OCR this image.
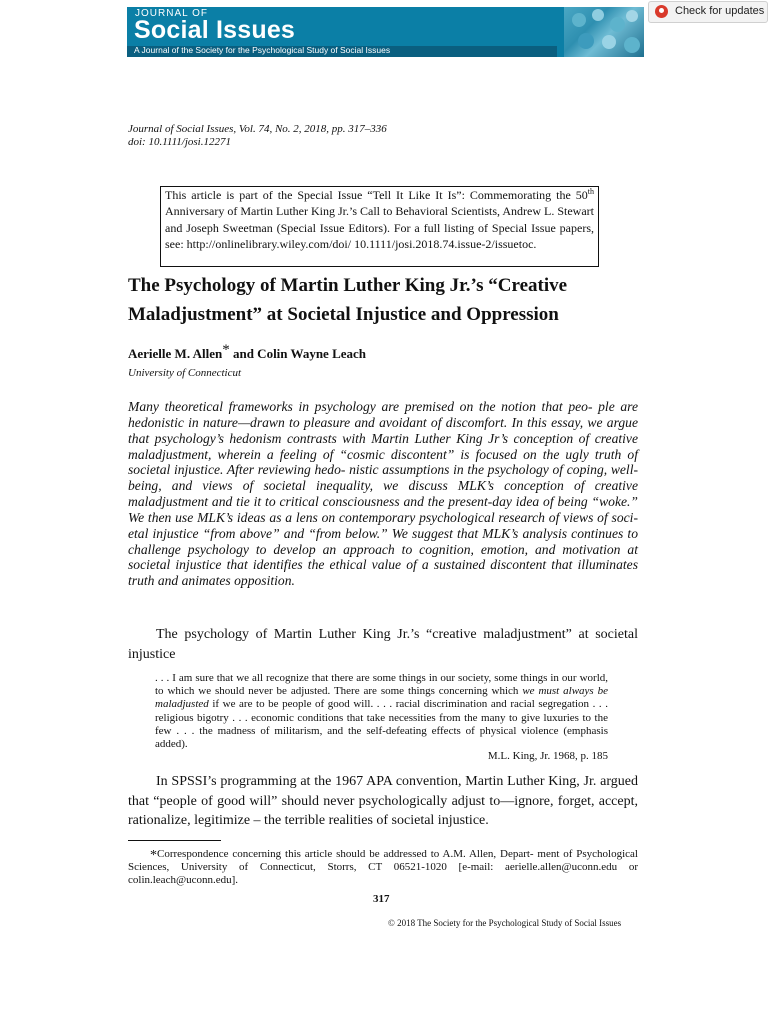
JOURNAL OF
Social Issues
A Journal of the Society for the Psychological Study of Social Issues
Check for updates
Journal of Social Issues, Vol. 74, No. 2, 2018, pp. 317–336
doi: 10.1111/josi.12271
This article is part of the Special Issue “Tell It Like It Is”: Commemorating the 50th Anniversary of Martin Luther King Jr.’s Call to Behavioral Scientists, Andrew L. Stewart and Joseph Sweetman (Special Issue Editors). For a full listing of Special Issue papers, see: http://onlinelibrary.wiley.com/doi/ 10.1111/josi.2018.74.issue-2/issuetoc.
The Psychology of Martin Luther King Jr.’s “Creative Maladjustment” at Societal Injustice and Oppression
Aerielle M. Allen* and Colin Wayne Leach
University of Connecticut
Many theoretical frameworks in psychology are premised on the notion that peo- ple are hedonistic in nature—drawn to pleasure and avoidant of discomfort. In this essay, we argue that psychology’s hedonism contrasts with Martin Luther King Jr’s conception of creative maladjustment, wherein a feeling of “cosmic discontent” is focused on the ugly truth of societal injustice. After reviewing hedo- nistic assumptions in the psychology of coping, well-being, and views of societal inequality, we discuss MLK’s conception of creative maladjustment and tie it to critical consciousness and the present-day idea of being “woke.” We then use MLK’s ideas as a lens on contemporary psychological research of views of soci- etal injustice “from above” and “from below.” We suggest that MLK’s analysis continues to challenge psychology to develop an approach to cognition, emotion, and motivation at societal injustice that identifies the ethical value of a sustained discontent that illuminates truth and animates opposition.
The psychology of Martin Luther King Jr.’s “creative maladjustment” at societal injustice
. . . I am sure that we all recognize that there are some things in our society, some things in our world, to which we should never be adjusted. There are some things concerning which we must always be maladjusted if we are to be people of good will. . . . racial discrimination and racial segregation . . . religious bigotry . . . economic conditions that take necessities from the many to give luxuries to the few . . . the madness of militarism, and the self-defeating effects of physical violence (emphasis added).
M.L. King, Jr. 1968, p. 185
In SPSSI’s programming at the 1967 APA convention, Martin Luther King, Jr. argued that “people of good will” should never psychologically adjust to—ignore, forget, accept, rationalize, legitimize – the terrible realities of societal injustice.
*Correspondence concerning this article should be addressed to A.M. Allen, Depart- ment of Psychological Sciences, University of Connecticut, Storrs, CT 06521-1020 [e-mail: aerielle.allen@uconn.edu or colin.leach@uconn.edu].
317
© 2018 The Society for the Psychological Study of Social Issues
